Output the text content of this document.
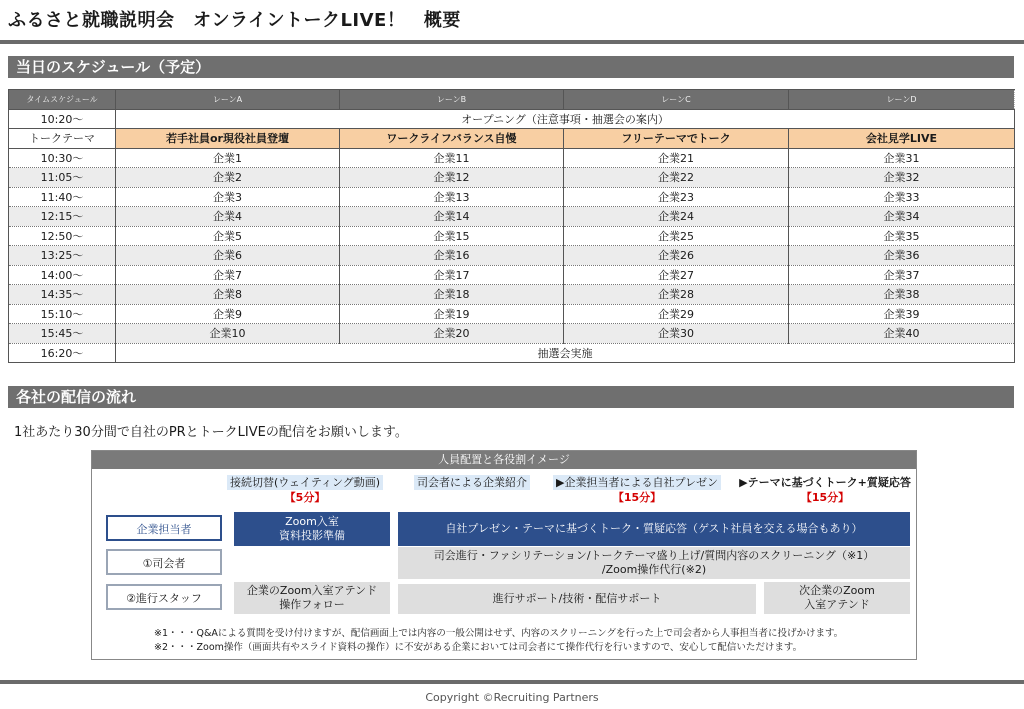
ふるさと就職説明会　オンライントークLIVE！　概要
当日のスケジュール（予定）
タイムスケジュール	レーンA	レーンB	レーンC	レーンD
10:20～	オープニング（注意事項・抽選会の案内）			
トークテーマ	若手社員or現役社員登壇	ワークライフバランス自慢	フリーテーマでトーク	会社見学LIVE
10:30～	企業1	企業11	企業21	企業31
11:05～	企業2	企業12	企業22	企業32
11:40～	企業3	企業13	企業23	企業33
12:15～	企業4	企業14	企業24	企業34
12:50～	企業5	企業15	企業25	企業35
13:25～	企業6	企業16	企業26	企業36
14:00～	企業7	企業17	企業27	企業37
14:35～	企業8	企業18	企業28	企業38
15:10～	企業9	企業19	企業29	企業39
15:45～	企業10	企業20	企業30	企業40
16:20～	抽選会実施			
各社の配信の流れ
1社あたり30分間で自社のPRとトークLIVEの配信をお願いします。
人員配置と各役割イメージ
接続切替(ウェイティング動画)
【5分】
司会者による企業紹介	▶企業担当者による自社プレゼン
【15分】
▶テーマに基づくトーク+質疑応答
【15分】
企業担当者
①司会者
②進行スタッフ
Zoom入室
資料投影準備
自社プレゼン・テーマに基づくトーク・質疑応答（ゲスト社員を交える場合もあり）
司会進行・ファシリテーション/トークテーマ盛り上げ/質問内容のスクリーニング（※1）
/Zoom操作代行(※2)
企業のZoom入室アテンド
操作フォロー	進行サポート/技術・配信サポート
次企業のZoom
入室アテンド
※1・・・Q&Aによる質問を受け付けますが、配信画面上では内容の一般公開はせず、内容のスクリーニングを行った上で司会者から人事担当者に投げかけます。
※2・・・Zoom操作（画面共有やスライド資料の操作）に不安がある企業においては司会者にて操作代行を行いますので、安心して配信いただけます。
Copyright ©Recruiting Partners
